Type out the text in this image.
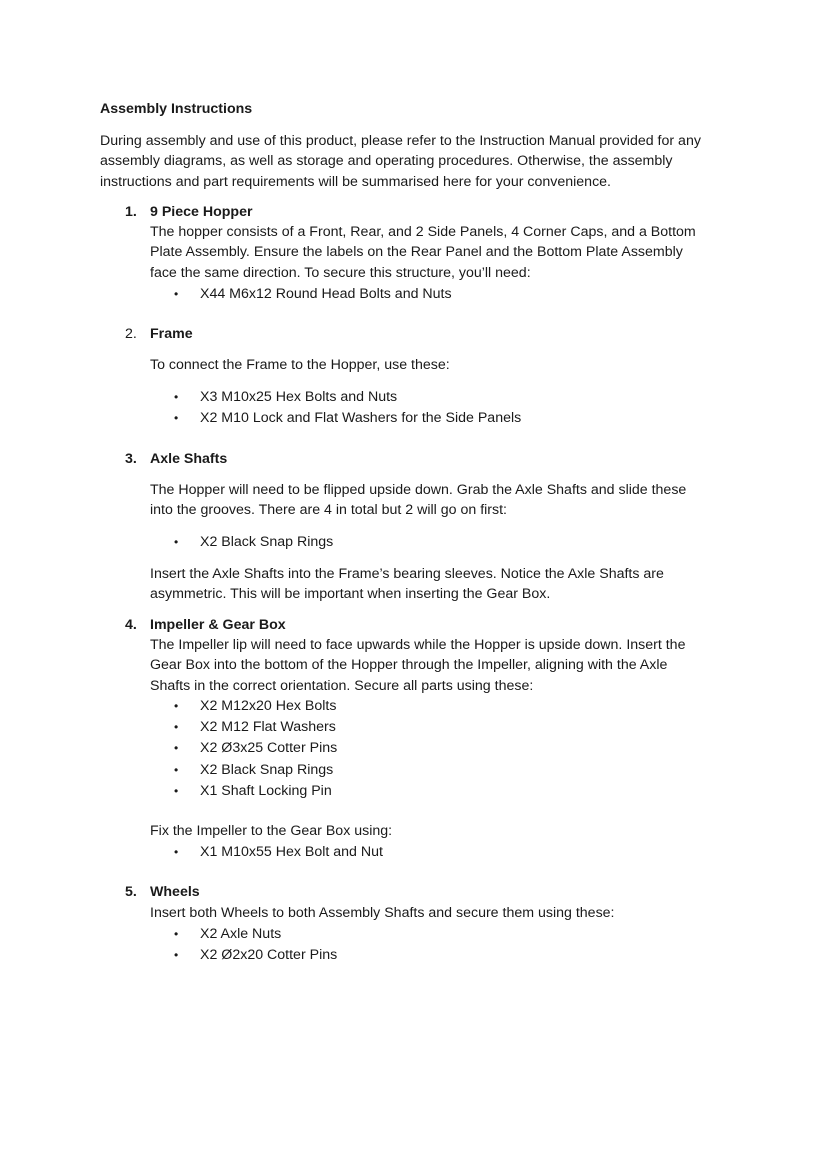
Assembly Instructions
During assembly and use of this product, please refer to the Instruction Manual provided for any
assembly diagrams, as well as storage and operating procedures. Otherwise, the assembly
instructions and part requirements will be summarised here for your convenience.
1. 9 Piece Hopper
The hopper consists of a Front, Rear, and 2 Side Panels, 4 Corner Caps, and a Bottom
Plate Assembly. Ensure the labels on the Rear Panel and the Bottom Plate Assembly
face the same direction. To secure this structure, you’ll need:
• X44 M6x12 Round Head Bolts and Nuts
2. Frame
To connect the Frame to the Hopper, use these:
• X3 M10x25 Hex Bolts and Nuts
• X2 M10 Lock and Flat Washers for the Side Panels
3. Axle Shafts
The Hopper will need to be flipped upside down. Grab the Axle Shafts and slide these
into the grooves. There are 4 in total but 2 will go on first:
• X2 Black Snap Rings
Insert the Axle Shafts into the Frame’s bearing sleeves. Notice the Axle Shafts are
asymmetric. This will be important when inserting the Gear Box.
4. Impeller & Gear Box
The Impeller lip will need to face upwards while the Hopper is upside down. Insert the
Gear Box into the bottom of the Hopper through the Impeller, aligning with the Axle
Shafts in the correct orientation. Secure all parts using these:
• X2 M12x20 Hex Bolts
• X2 M12 Flat Washers
• X2 Ø3x25 Cotter Pins
• X2 Black Snap Rings
• X1 Shaft Locking Pin
Fix the Impeller to the Gear Box using:
• X1 M10x55 Hex Bolt and Nut
5. Wheels
Insert both Wheels to both Assembly Shafts and secure them using these:
• X2 Axle Nuts
• X2 Ø2x20 Cotter Pins
